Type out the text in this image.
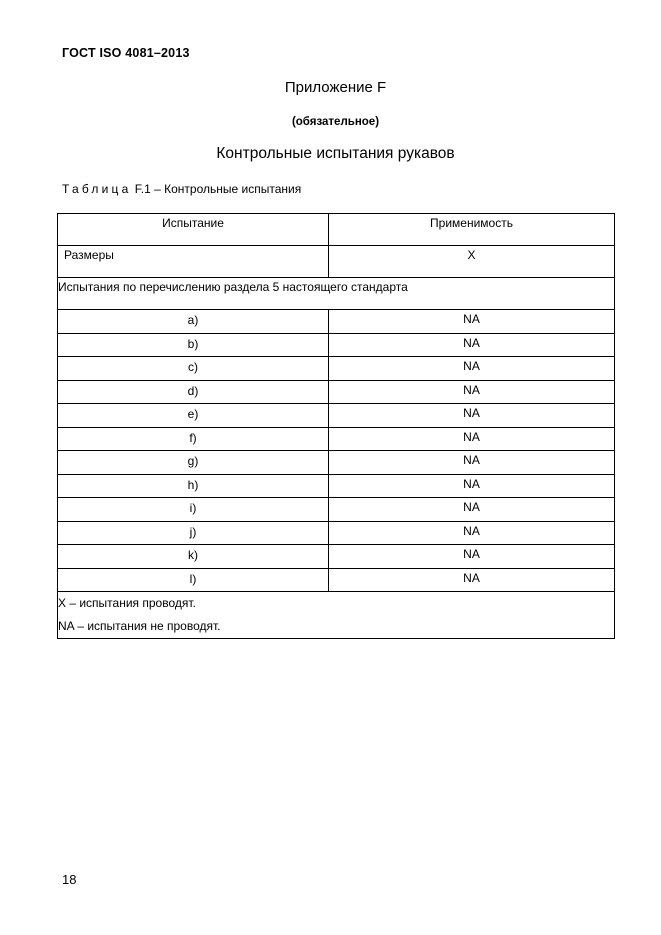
ГОСТ ISO 4081–2013
Приложение F
(обязательное)
Контрольные испытания рукавов
Таблица F.1 – Контрольные испытания
Испытание	Применимость
Размеры	X
Испытания по перечислению раздела 5 настоящего стандарта	
a)	NA
b)	NA
c)	NA
d)	NA
e)	NA
f)	NA
g)	NA
h)	NA
i)	NA
j)	NA
k)	NA
l)	NA

X – испытания проводят.
NA – испытания не проводят.	
18
